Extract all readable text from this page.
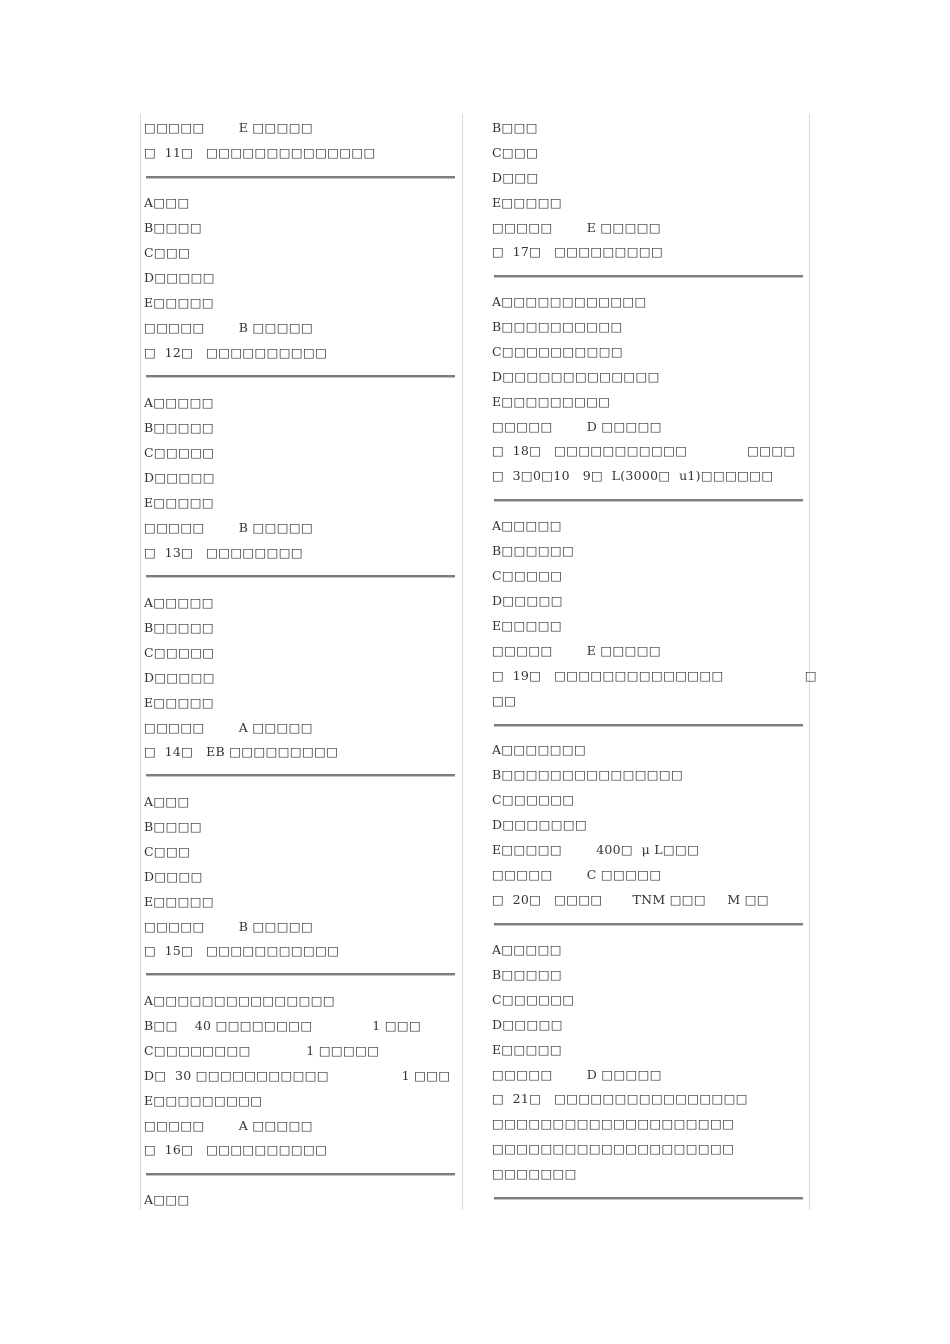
□□□□□        E □□□□□
□  11□   □□□□□□□□□□□□□□
A□□□
B□□□□
C□□□
D□□□□□
E□□□□□
□□□□□        B □□□□□
□  12□   □□□□□□□□□□
A□□□□□
B□□□□□
C□□□□□
D□□□□□
E□□□□□
□□□□□        B □□□□□
□  13□   □□□□□□□□
A□□□□□
B□□□□□
C□□□□□
D□□□□□
E□□□□□
□□□□□        A □□□□□
□  14□   EB □□□□□□□□□
A□□□
B□□□□
C□□□
D□□□□
E□□□□□
□□□□□        B □□□□□
□  15□   □□□□□□□□□□□
A□□□□□□□□□□□□□□□
B□□    40 □□□□□□□□              1 □□□
C□□□□□□□□             1 □□□□□
D□  30 □□□□□□□□□□□                 1 □□□
E□□□□□□□□□
□□□□□        A □□□□□
□  16□   □□□□□□□□□□
A□□□
B□□□
C□□□
D□□□
E□□□□□
□□□□□        E □□□□□
□  17□   □□□□□□□□□
A□□□□□□□□□□□□
B□□□□□□□□□□
C□□□□□□□□□□
D□□□□□□□□□□□□□
E□□□□□□□□□
□□□□□        D □□□□□
□  18□   □□□□□□□□□□□              □□□□
□  3□0□10   9□  L(3000□  u1)□□□□□□
A□□□□□
B□□□□□□
C□□□□□
D□□□□□
E□□□□□
□□□□□        E □□□□□
□  19□   □□□□□□□□□□□□□□                   □
□□
A□□□□□□□
B□□□□□□□□□□□□□□□
C□□□□□□
D□□□□□□□
E□□□□□        400□  μ L□□□
□□□□□        C □□□□□
□  20□   □□□□       TNM □□□     M □□
A□□□□□
B□□□□□
C□□□□□□
D□□□□□
E□□□□□
□□□□□        D □□□□□
□  21□   □□□□□□□□□□□□□□□□
□□□□□□□□□□□□□□□□□□□□
□□□□□□□□□□□□□□□□□□□□
□□□□□□□
